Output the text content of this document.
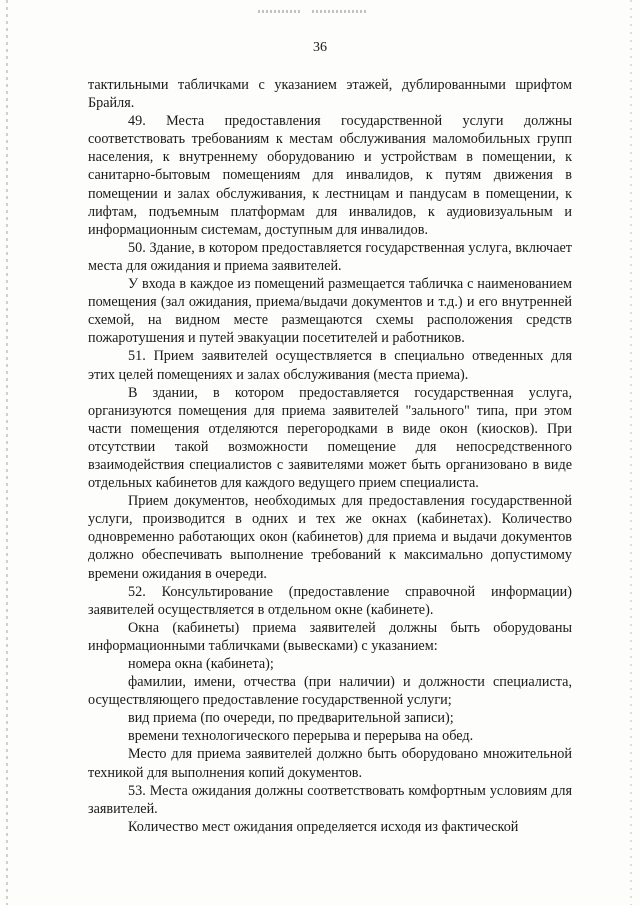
36

тактильными табличками с указанием этажей, дублированными шрифтом Брайля.

49. Места предоставления государственной услуги должны соответствовать требованиям к местам обслуживания маломобильных групп населения, к внутреннему оборудованию и устройствам в помещении, к санитарно-бытовым помещениям для инвалидов, к путям движения в помещении и залах обслуживания, к лестницам и пандусам в помещении, к лифтам, подъемным платформам для инвалидов, к аудиовизуальным и информационным системам, доступным для инвалидов.

50. Здание, в котором предоставляется государственная услуга, включает места для ожидания и приема заявителей.

У входа в каждое из помещений размещается табличка с наименованием помещения (зал ожидания, приема/выдачи документов и т.д.) и его внутренней схемой, на видном месте размещаются схемы расположения средств пожаротушения и путей эвакуации посетителей и работников.

51. Прием заявителей осуществляется в специально отведенных для этих целей помещениях и залах обслуживания (места приема).

В здании, в котором предоставляется государственная услуга, организуются помещения для приема заявителей "зального" типа, при этом части помещения отделяются перегородками в виде окон (киосков). При отсутствии такой возможности помещение для непосредственного взаимодействия специалистов с заявителями может быть организовано в виде отдельных кабинетов для каждого ведущего прием специалиста.

Прием документов, необходимых для предоставления государственной услуги, производится в одних и тех же окнах (кабинетах). Количество одновременно работающих окон (кабинетов) для приема и выдачи документов должно обеспечивать выполнение требований к максимально допустимому времени ожидания в очереди.

52. Консультирование (предоставление справочной информации) заявителей осуществляется в отдельном окне (кабинете).

Окна (кабинеты) приема заявителей должны быть оборудованы информационными табличками (вывесками) с указанием:

номера окна (кабинета);

фамилии, имени, отчества (при наличии) и должности специалиста, осуществляющего предоставление государственной услуги;

вид приема (по очереди, по предварительной записи);

времени технологического перерыва и перерыва на обед.

Место для приема заявителей должно быть оборудовано множительной техникой для выполнения копий документов.

53. Места ожидания должны соответствовать комфортным условиям для заявителей.

Количество мест ожидания определяется исходя из фактической
